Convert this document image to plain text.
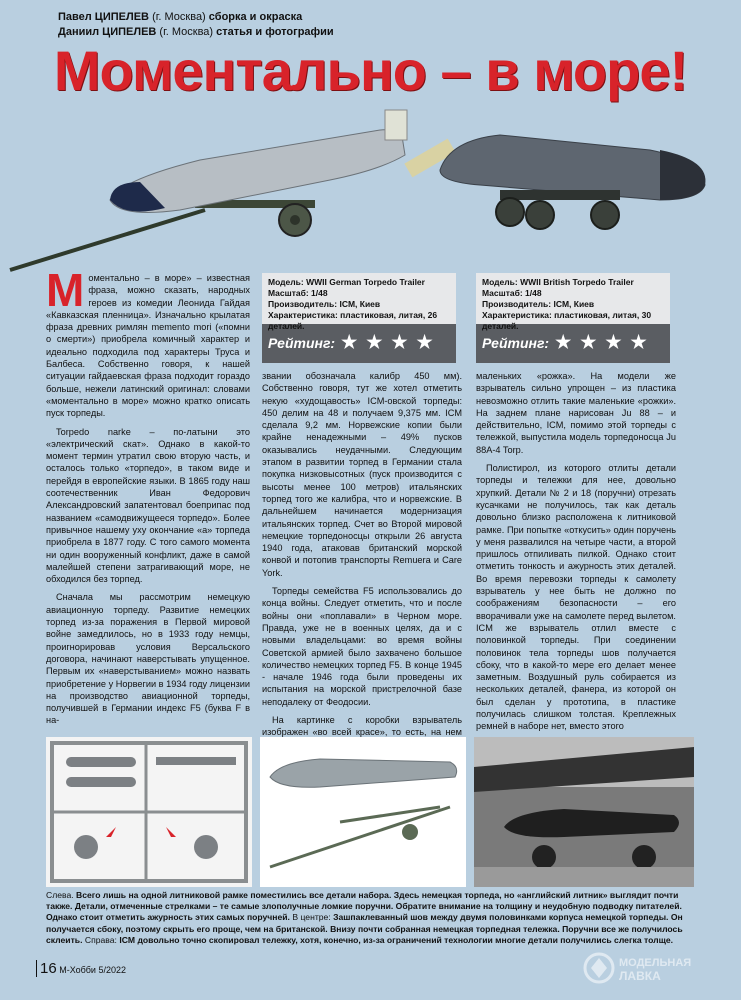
Павел ЦИПЕЛЕВ (г. Москва) сборка и окраска
Даниил ЦИПЕЛЕВ (г. Москва) статья и фотографии
Моментально – в море!
Модель: WWII German Torpedo Trailer
Масштаб: 1/48
Производитель: ICM, Киев
Характеристика: пластиковая, литая, 26 деталей.
Рейтинг: ★ ★ ★ ★
Модель: WWII British Torpedo Trailer
Масштаб: 1/48
Производитель: ICM, Киев
Характеристика: пластиковая, литая, 30 деталей.
Рейтинг: ★ ★ ★ ★

Моментально – в море» – известная фраза, можно сказать, народных героев из комедии Леонида Гайдая «Кавказская пленница». Изначально крылатая фраза древних римлян memento mori («помни о смерти») приобрела комичный характер и идеально подходила под характеры Труса и Балбеса. Собственно говоря, к нашей ситуации гайдаевская фраза подходит гораздо больше, нежели латинский оригинал: словами «моментально в море» можно кратко описать пуск торпеды.

Torpedo narke – по-латыни это «электрический скат». Однако в какой-то момент термин утратил свою вторую часть, и осталось только «торпедо», в таком виде и перейдя в европейские языки. В 1865 году наш соотечественник Иван Федорович Александровский запатентовал боеприпас под названием «самодвижущееся торпедо». Более привычное нашему уху окончание «а» торпеда приобрела в 1877 году. С того самого момента ни один вооруженный конфликт, даже в самой малейшей степени затрагивающий море, не обходился без торпед.

Сначала мы рассмотрим немецкую авиационную торпеду. Развитие немецких торпед из-за поражения в Первой мировой войне замедлилось, но в 1933 году немцы, проигнорировав условия Версальского договора, начинают наверстывать упущенное. Первым их «наверстыванием» можно назвать приобретение у Норвегии в 1934 году лицензии на производство авиационной торпеды, получившей в Германии индекс F5 (буква F в на-

звании обозначала калибр 450 мм). Собственно говоря, тут же хотел отметить некую «худощавость» ICM-овской торпеды: 450 делим на 48 и получаем 9,375 мм. ICM сделала 9,2 мм. Норвежские копии были крайне ненадежными – 49% пусков оказывались неудачными. Следующим этапом в развитии торпед в Германии стала покупка низковысотных (пуск производится с высоты менее 100 метров) итальянских торпед того же калибра, что и норвежские. В дальнейшем начинается модернизация итальянских торпед. Счет во Второй мировой немецкие торпедоносцы открыли 26 августа 1940 года, атаковав британский морской конвой и потопив транспорты Remuera и Care York.

Торпеды семейства F5 использовались до конца войны. Следует отметить, что и после войны они «поплавали» в Черном море. Правда, уже не в военных целях, да и с новыми владельцами: во время войны Советской армией было захвачено большое количество немецких торпед F5. В конце 1945 - начале 1946 года были проведены их испытания на морской пристрелочной базе неподалеку от Феодосии.

На картинке с коробки взрыватель изображен «во всей красе», то есть, на нем

маленьких «рожка». На модели же взрыватель сильно упрощен – из пластика невозможно отлить такие маленькие «рожки». На заднем плане нарисован Ju 88 – и действительно, ICM, помимо этой торпеды с тележкой, выпустила модель торпедоносца Ju 88A-4 Torp.

Полистирол, из которого отлиты детали торпеды и тележки для нее, довольно хрупкий. Детали № 2 и 18 (поручни) отрезать кусачками не получилось, так как деталь довольно близко расположена к литниковой рамке. При попытке «откусить» один поручень у меня развалился на четыре части, а второй пришлось отпиливать пилкой. Однако стоит отметить тонкость и ажурность этих деталей. Во время перевозки торпеды к самолету взрыватель у нее быть не должно по соображениям безопасности – его вворачивали уже на самолете перед вылетом. ICM же взрыватель отлил вместе с половинкой торпеды. При соединении половинок тела торпеды шов получается сбоку, что в какой-то мере его делает менее заметным. Воздушный руль собирается из нескольких деталей, фанера, из которой он был сделан у прототипа, в пластике получилась слишком толстая. Креплежных ремней в наборе нет, вместо этого

Слева. Всего лишь на одной литниковой рамке поместились все детали набора. Здесь немецкая торпеда, но «английский литник» выглядит почти также. Детали, отмеченные стрелками – те самые злополучные ломкие поручни. Обратите внимание на толщину и неудобную подводку питателей. Однако стоит отметить ажурность этих самых поручней. В центре: Зашпаклеванный шов между двумя половинками корпуса немецкой торпеды. Он получается сбоку, поэтому скрыть его проще, чем на британской. Внизу почти собранная немецкая торпедная тележка. Поручни все же получилось склеить. Справа: ICM довольно точно скопировал тележку, хотя, конечно, из-за ограничений технологии многие детали получились слегка толще.
16 М-Хобби 5/2022
МОДЕЛЬНАЯ
ЛАВКА
